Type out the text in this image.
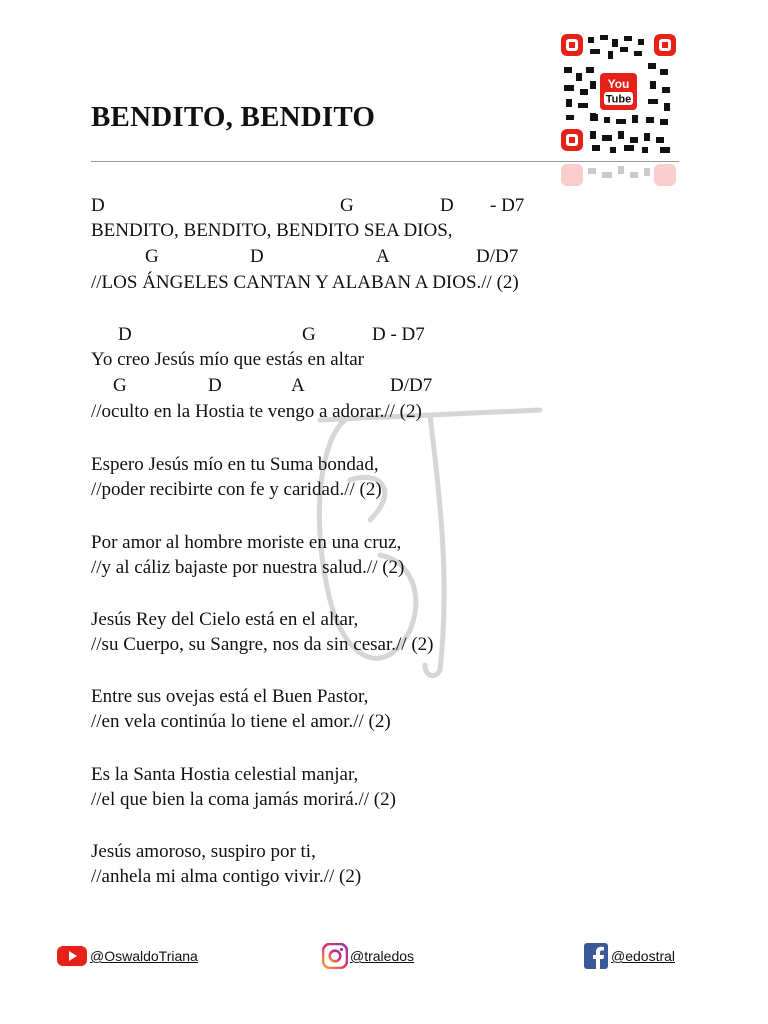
BENDITO, BENDITO
You
Tube
D	G	D - D7
BENDITO, BENDITO, BENDITO SEA DIOS,
G	D	A	D/D7
//LOS ÁNGELES CANTAN Y ALABAN A DIOS.// (2)
D	G	D - D7
Yo creo Jesús mío que estás en altar
G	D	A	D/D7
//oculto en la Hostia te vengo a adorar.// (2)
Espero Jesús mío en tu Suma bondad,
//poder recibirte con fe y caridad.// (2)
Por amor al hombre moriste en una cruz,
//y al cáliz bajaste por nuestra salud.// (2)
Jesús Rey del Cielo está en el altar,
//su Cuerpo, su Sangre, nos da sin cesar.// (2)
Entre sus ovejas está el Buen Pastor,
//en vela continúa lo tiene el amor.// (2)
Es la Santa Hostia celestial manjar,
//el que bien la coma jamás morirá.// (2)
Jesús amoroso, suspiro por ti,
//anhela mi alma contigo vivir.// (2)
@OswaldoTriana	@traledos	@edostral
